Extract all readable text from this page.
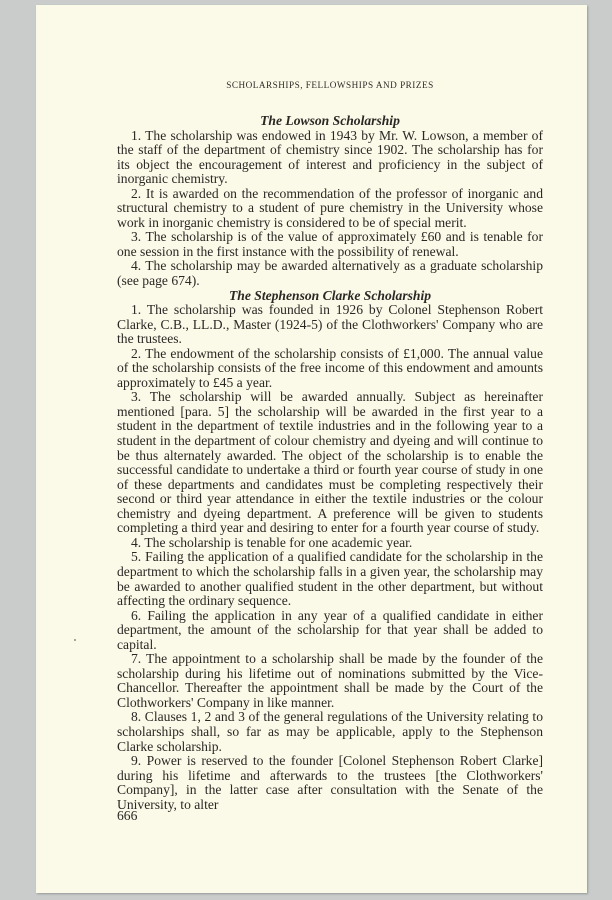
SCHOLARSHIPS, FELLOWSHIPS AND PRIZES
The Lowson Scholarship

1. The scholarship was endowed in 1943 by Mr. W. Lowson, a member of the staff of the department of chemistry since 1902. The scholarship has for its object the encouragement of interest and proficiency in the subject of inorganic chemistry.

2. It is awarded on the recommendation of the professor of inorganic and structural chemistry to a student of pure chemistry in the University whose work in inorganic chemistry is considered to be of special merit.

3. The scholarship is of the value of approximately £60 and is tenable for one session in the first instance with the possibility of renewal.

4. The scholarship may be awarded alternatively as a graduate scholarship (see page 674).

The Stephenson Clarke Scholarship

1. The scholarship was founded in 1926 by Colonel Stephenson Robert Clarke, C.B., LL.D., Master (1924-5) of the Clothworkers' Company who are the trustees.

2. The endowment of the scholarship consists of £1,000. The annual value of the scholarship consists of the free income of this endowment and amounts approximately to £45 a year.

3. The scholarship will be awarded annually. Subject as hereinafter mentioned [para. 5] the scholarship will be awarded in the first year to a student in the department of textile industries and in the following year to a student in the department of colour chemistry and dyeing and will continue to be thus alternately awarded. The object of the scholarship is to enable the successful candidate to undertake a third or fourth year course of study in one of these departments and candidates must be completing respectively their second or third year attendance in either the textile industries or the colour chemistry and dyeing department. A preference will be given to students completing a third year and desiring to enter for a fourth year course of study.

4. The scholarship is tenable for one academic year.

5. Failing the application of a qualified candidate for the scholarship in the department to which the scholarship falls in a given year, the scholarship may be awarded to another qualified student in the other department, but without affecting the ordinary sequence.

6. Failing the application in any year of a qualified candidate in either department, the amount of the scholarship for that year shall be added to capital.

7. The appointment to a scholarship shall be made by the founder of the scholarship during his lifetime out of nominations submitted by the Vice-Chancellor. Thereafter the appointment shall be made by the Court of the Clothworkers' Company in like manner.

8. Clauses 1, 2 and 3 of the general regulations of the University relating to scholarships shall, so far as may be applicable, apply to the Stephenson Clarke scholarship.

9. Power is reserved to the founder [Colonel Stephenson Robert Clarke] during his lifetime and afterwards to the trustees [the Clothworkers' Company], in the latter case after consultation with the Senate of the University, to alter

666
